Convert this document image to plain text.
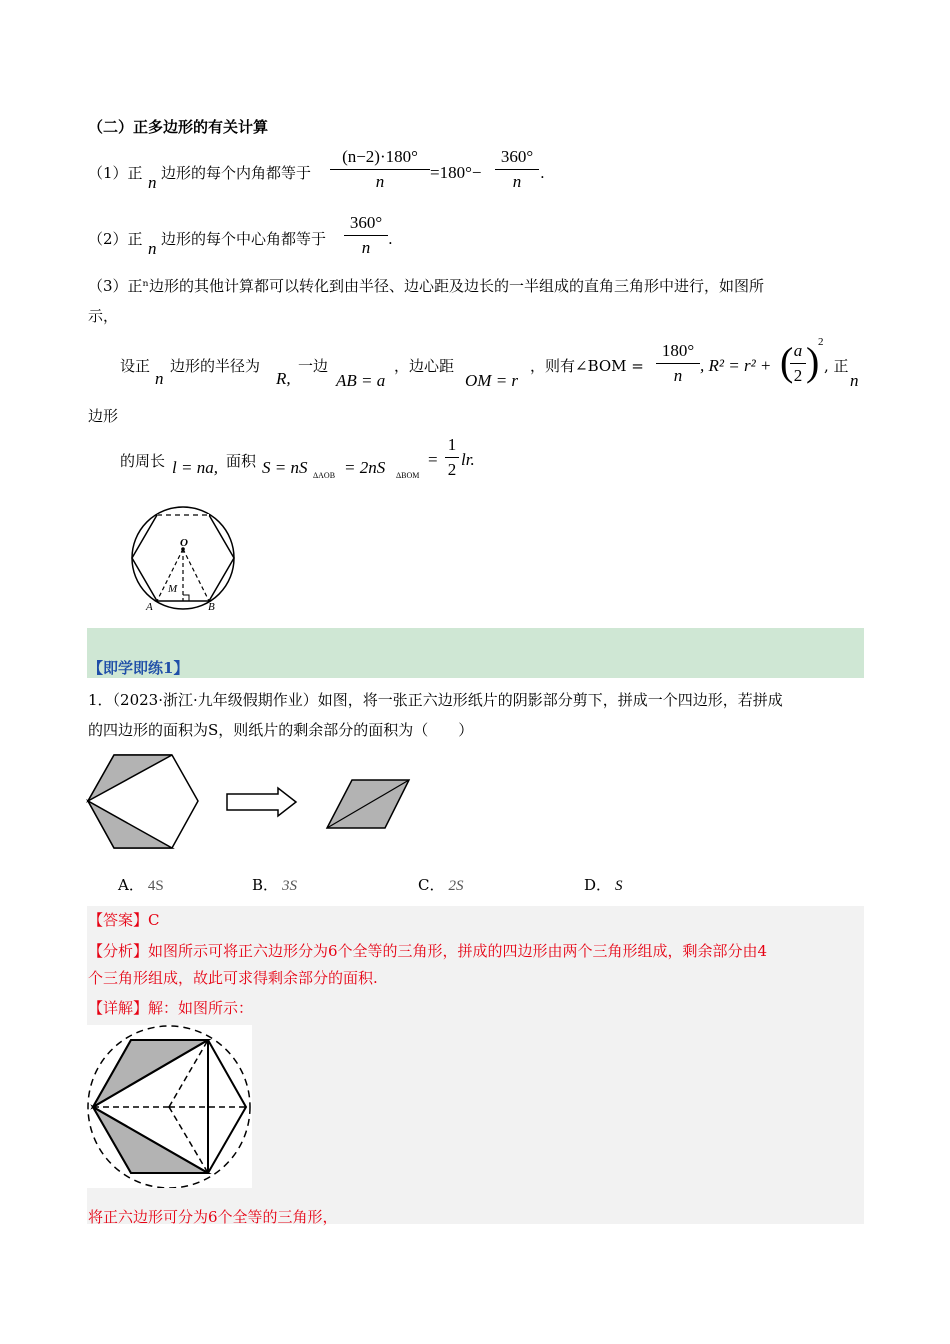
（二）正多边形的有关计算
（1）正 n 边形的每个内角都等于
(n−2)·180°
n	=180°−
360°
n	.
（2）正 n 边形的每个中心角都等于
360°
n	.
（3）正ⁿ边形的其他计算都可以转化到由半径、边心距及边长的一半组成的直角三角形中进行，如图所
示，
设正
n
边形的半径为
R,
一边
AB = a
，边心距
OM = r
，则有∠BOM =
180°
n
, R² = r² + ( a
2 )
2
, 正
n
边形
的周长 l = na, 面积 S = nS ΔAOB = 2nS ΔBOM
=
1
2
lr.
O
M
A	B
【即学即练1】
1．（2023·浙江·九年级假期作业）如图，将一张正六边形纸片的阴影部分剪下，拼成一个四边形，若拼成
的四边形的面积为S，则纸片的剩余部分的面积为（　　）
A． 4S	B． 3S	C． 2S	D． S
【答案】C
【分析】如图所示可将正六边形分为6个全等的三角形，拼成的四边形由两个三角形组成，剩余部分由4
个三角形组成，故此可求得剩余部分的面积.
【详解】解：如图所示：
将正六边形可分为6个全等的三角形，
